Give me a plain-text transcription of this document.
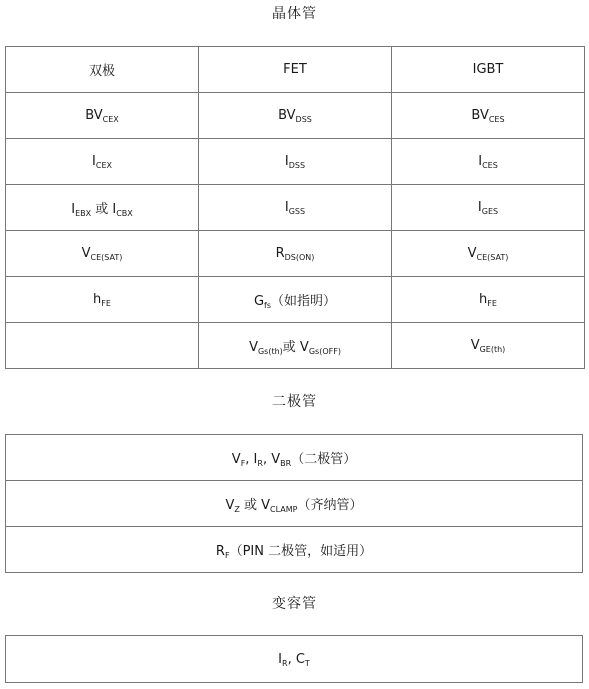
晶体管
双极	FET	IGBT
$BV_{CEX}$	$BV_{DSS}$	$BV_{CES}$
$I_{CEX}$	$I_{DSS}$	$I_{CES}$
$I_{EBX}$ 或 $I_{CBX}$	$I_{GSS}$	$I_{GES}$
$V_{CE(SAT)}$	$R_{DS(ON)}$	$V_{CE(SAT)}$
$h_{FE}$	$G_{fs}$（如指明）	$h_{FE}$
	$V_{Gs(th)}$或 $V_{Gs(OFF)}$	$V_{GE(th)}$
二极管
$V_F$, $I_R$, $V_{BR}$（二极管）
$V_Z$ 或 $V_{CLAMP}$（齐纳管）
$R_F(PIN$ 二极管，如适用）
变容管
$I_R$, $C_T$
